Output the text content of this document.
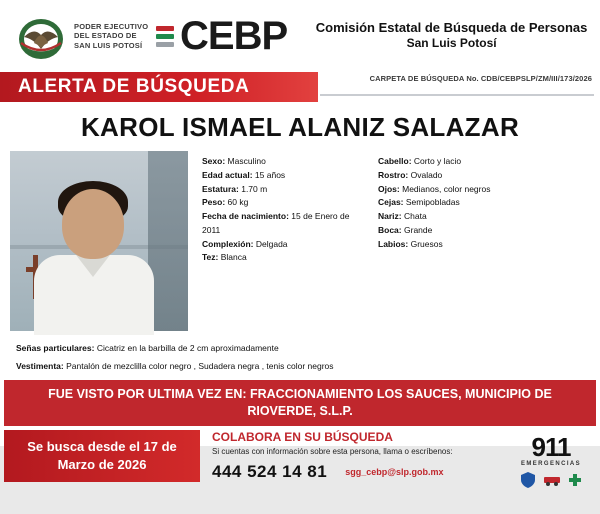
PODER EJECUTIVO
DEL ESTADO DE
SAN LUIS POTOSÍ CEBP	Comisión Estatal de Búsqueda de Personas
San Luis Potosí
ALERTA DE BÚSQUEDA	CARPETA DE BÚSQUEDA No. CDB/CEBPSLP/ZM/III/173/2026
KAROL ISMAEL ALANIZ SALAZAR
Sexo: Masculino
Edad actual: 15 años
Estatura: 1.70 m
Peso: 60 kg
Fecha de nacimiento: 15 de Enero de 2011
Complexión: Delgada
Tez: Blanca
Cabello: Corto y lacio
Rostro: Ovalado
Ojos: Medianos, color negros
Cejas: Semipobladas
Nariz: Chata
Boca: Grande
Labios: Gruesos
Señas particulares: Cicatriz en la barbilla de 2 cm aproximadamente
Vestimenta: Pantalón de mezclilla color negro , Sudadera negra , tenis color negros
FUE VISTO POR ULTIMA VEZ EN: FRACCIONAMIENTO LOS SAUCES, MUNICIPIO DE RIOVERDE, S.L.P.
Se busca desde el 17 de Marzo de 2026
COLABORA EN SU BÚSQUEDA
Si cuentas con información sobre esta persona, llama o escríbenos:
444 524 14 81 sgg_cebp@slp.gob.mx
911
EMERGENCIAS
